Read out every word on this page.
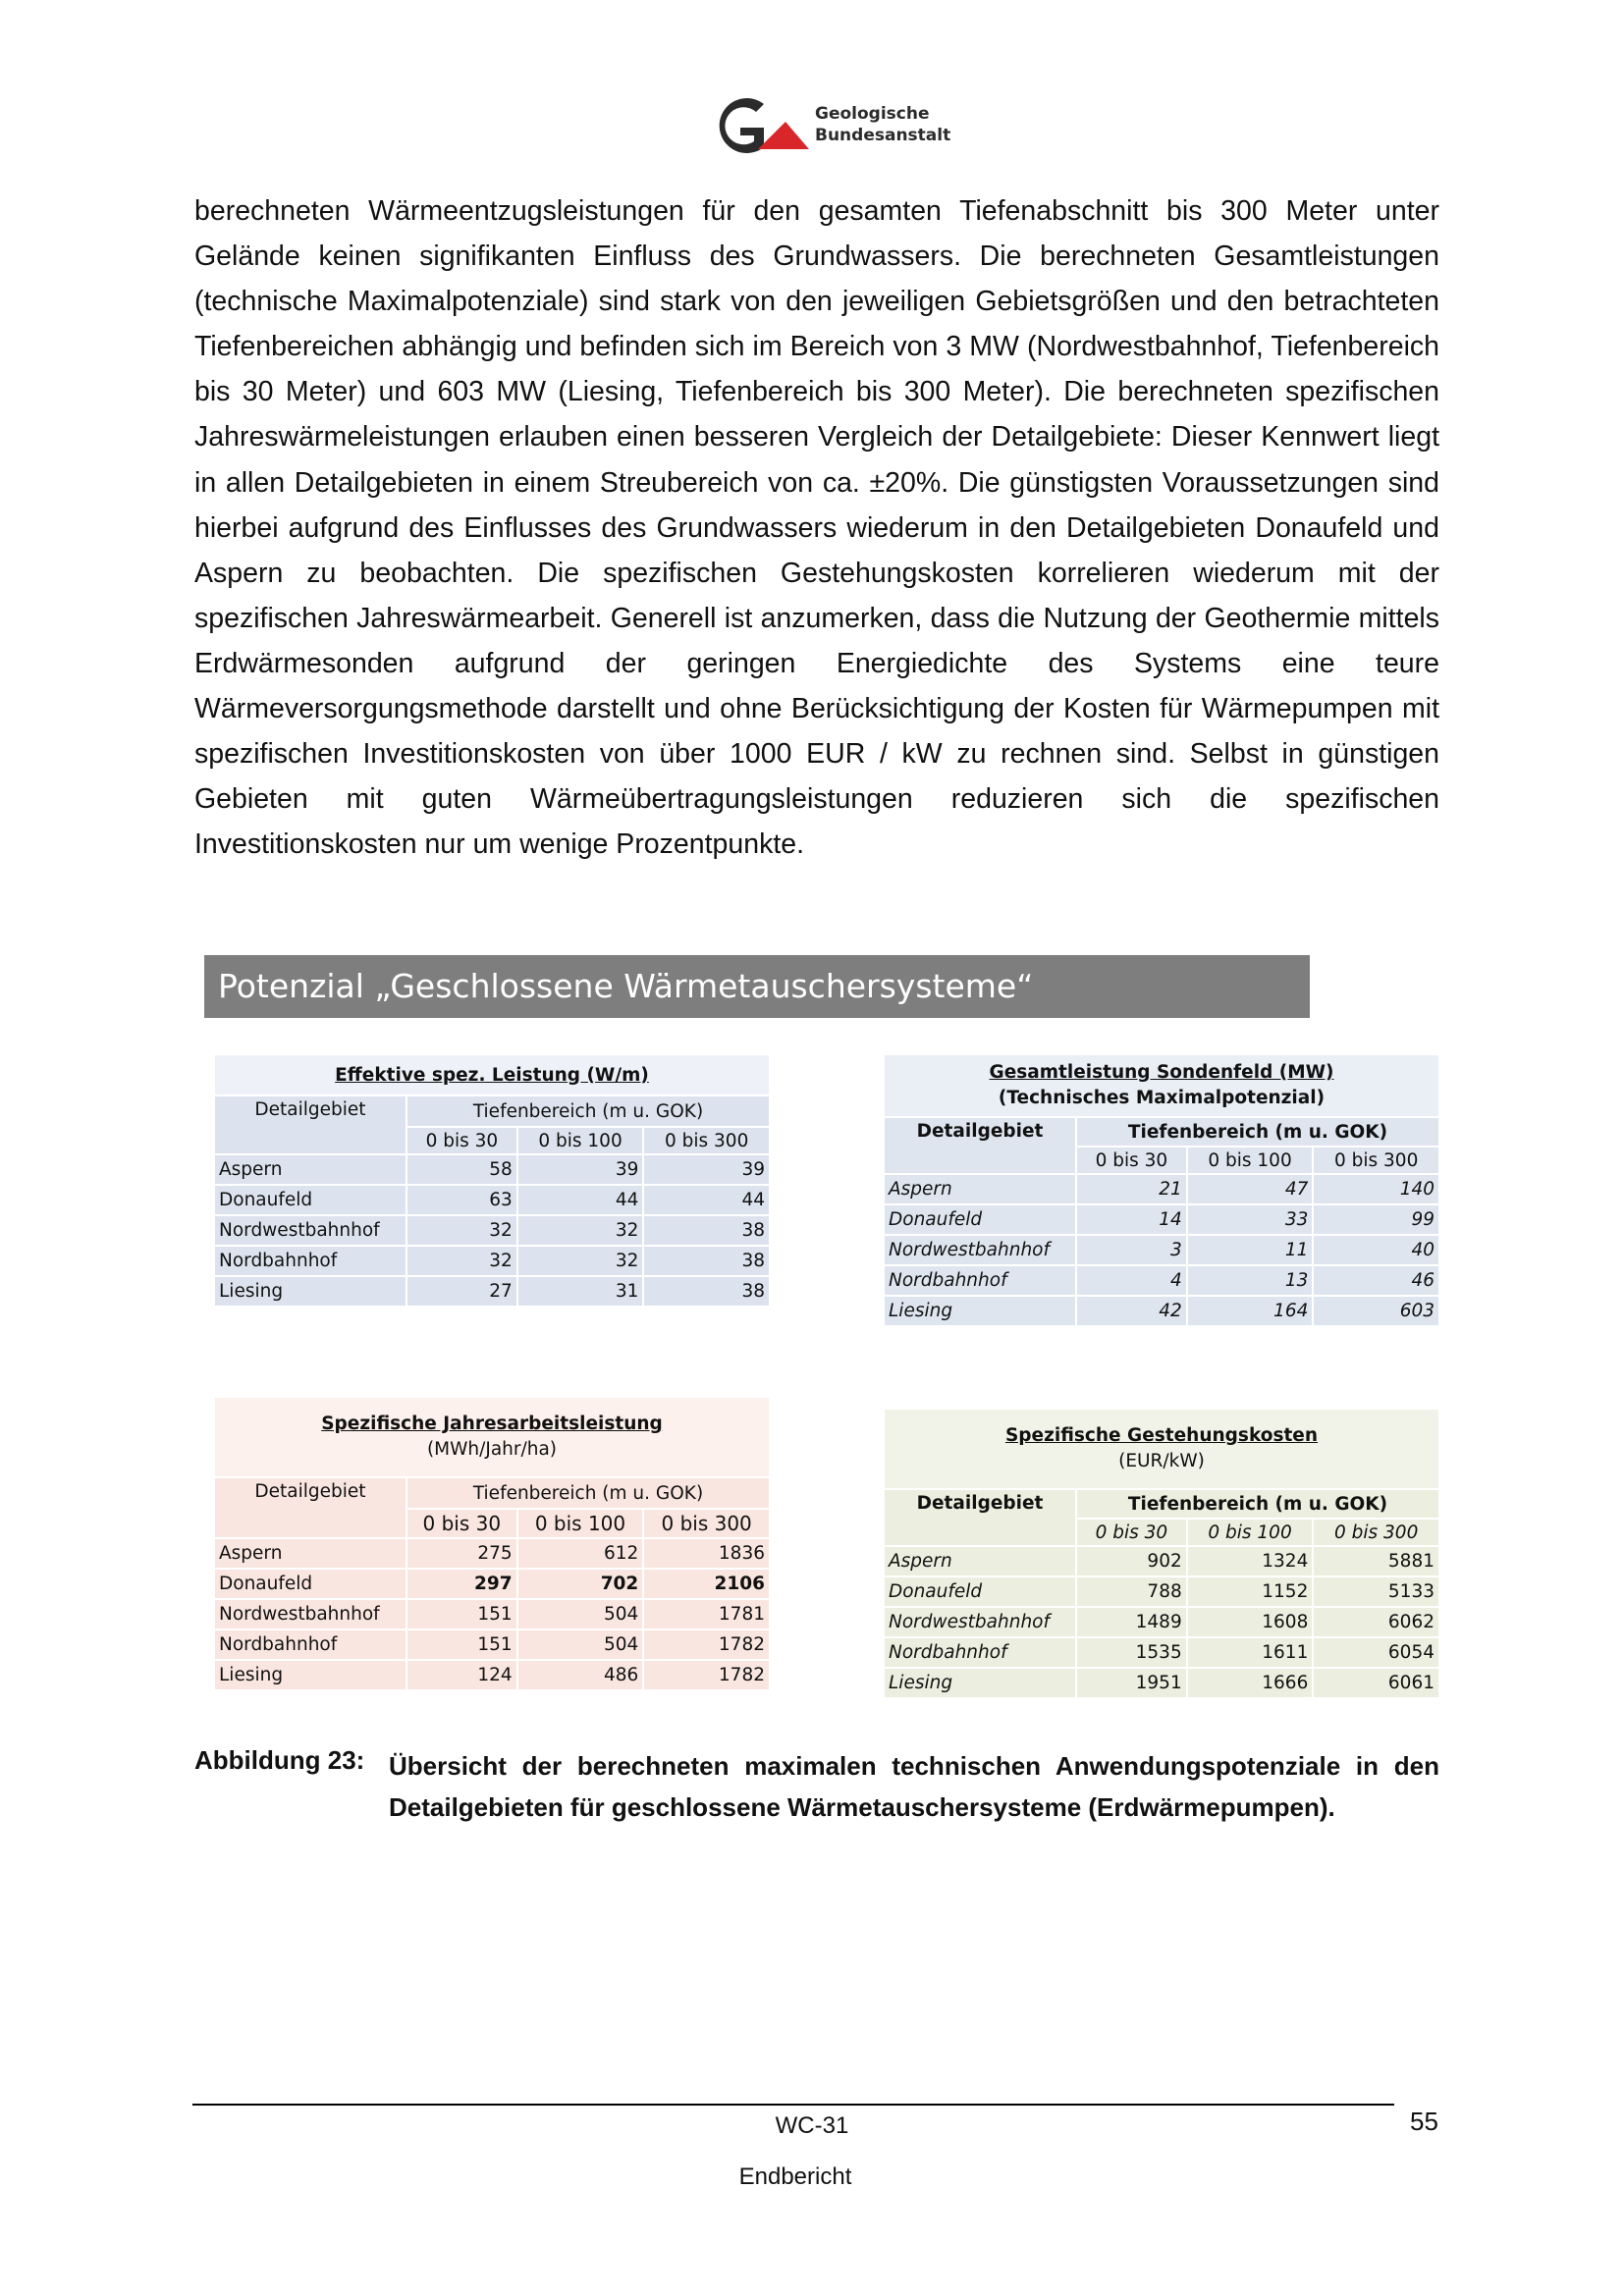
Geologische
Bundesanstalt
berechneten Wärmeentzugsleistungen für den gesamten Tiefenabschnitt bis 300 Meter unter Gelände keinen signifikanten Einfluss des Grundwassers. Die berechneten Gesamtleistungen (technische Maximalpotenziale) sind stark von den jeweiligen Gebietsgrößen und den betrachteten Tiefenbereichen abhängig und befinden sich im Bereich von 3 MW (Nordwestbahnhof, Tiefenbereich bis 30 Meter) und 603 MW (Liesing, Tiefenbereich bis 300 Meter). Die berechneten spezifischen Jahreswärmeleistungen erlauben einen besseren Vergleich der Detailgebiete: Dieser Kennwert liegt in allen Detailgebieten in einem Streubereich von ca. ±20%. Die günstigsten Voraussetzungen sind hierbei aufgrund des Einflusses des Grundwassers wiederum in den Detailgebieten Donaufeld und Aspern zu beobachten. Die spezifischen Gestehungskosten korrelieren wiederum mit der spezifischen Jahreswärmearbeit. Generell ist anzumerken, dass die Nutzung der Geothermie mittels Erdwärmesonden aufgrund der geringen Energiedichte des Systems eine teure Wärmeversorgungsmethode darstellt und ohne Berücksichtigung der Kosten für Wärmepumpen mit spezifischen Investitionskosten von über 1000 EUR / kW zu rechnen sind. Selbst in günstigen Gebieten mit guten Wärmeübertragungsleistungen reduzieren sich die spezifischen Investitionskosten nur um wenige Prozentpunkte.
Potenzial „Geschlossene Wärmetauschersysteme“
Effektive spez. Leistung (W/m)			
Detailgebiet	Tiefenbereich (m u. GOK)		
	0 bis 30	0 bis 100	0 bis 300
Aspern	58	39	39
Donaufeld	63	44	44
Nordwestbahnhof	32	32	38
Nordbahnhof	32	32	38
Liesing	27	31	38
Gesamtleistung Sondenfeld (MW)
(Technisches Maximalpotenzial)			

Detailgebiet	Tiefenbereich (m u. GOK)		
	0 bis 30	0 bis 100	0 bis 300
Aspern	21	47	140
Donaufeld	14	33	99
Nordwestbahnhof	3	11	40
Nordbahnhof	4	13	46
Liesing	42	164	603
Spezifische Jahresarbeitsleistung
(MWh/Jahr/ha)			

Detailgebiet	Tiefenbereich (m u. GOK)		
	0 bis 30	0 bis 100	0 bis 300
Aspern	275	612	1836
Donaufeld	297	702	2106
Nordwestbahnhof	151	504	1781
Nordbahnhof	151	504	1782
Liesing	124	486	1782
Spezifische Gestehungskosten
(EUR/kW)			

Detailgebiet	Tiefenbereich (m u. GOK)		
	0 bis 30	0 bis 100	0 bis 300
Aspern	902	1324	5881
Donaufeld	788	1152	5133
Nordwestbahnhof	1489	1608	6062
Nordbahnhof	1535	1611	6054
Liesing	1951	1666	6061
Abbildung 23: Übersicht der berechneten maximalen technischen Anwendungspotenziale in den Detailgebieten für geschlossene Wärmetauschersysteme (Erdwärmepumpen).
WC-31	55
Endbericht
